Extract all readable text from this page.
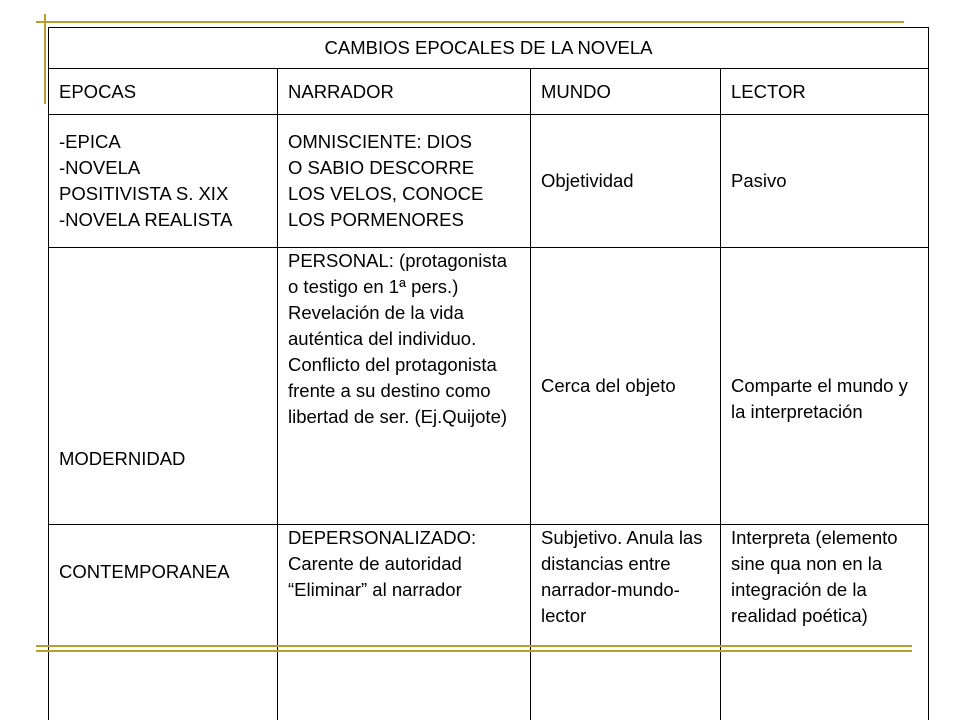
CAMBIOS EPOCALES DE LA NOVELA			
EPOCAS	NARRADOR	MUNDO	LECTOR

-EPICA
-NOVELA
POSITIVISTA S. XIX
-NOVELA REALISTA	OMNISCIENTE: DIOS
O SABIO DESCORRE
LOS VELOS, CONOCE
LOS PORMENORES	Objetividad	Pasivo
MODERNIDAD	PERSONAL: (protagonista o testigo en 1ª pers.) Revelación de la vida auténtica del individuo. Conflicto del protagonista frente a su destino como libertad de ser. (Ej.Quijote)	Cerca del objeto	Comparte el mundo y la interpretación

CONTEMPORANEA	DEPERSONALIZADO: Carente de autoridad “Eliminar” al narrador	Subjetivo. Anula las distancias entre narrador-mundo-lector	Interpreta (elemento sine qua non en la integración de la realidad poética)
